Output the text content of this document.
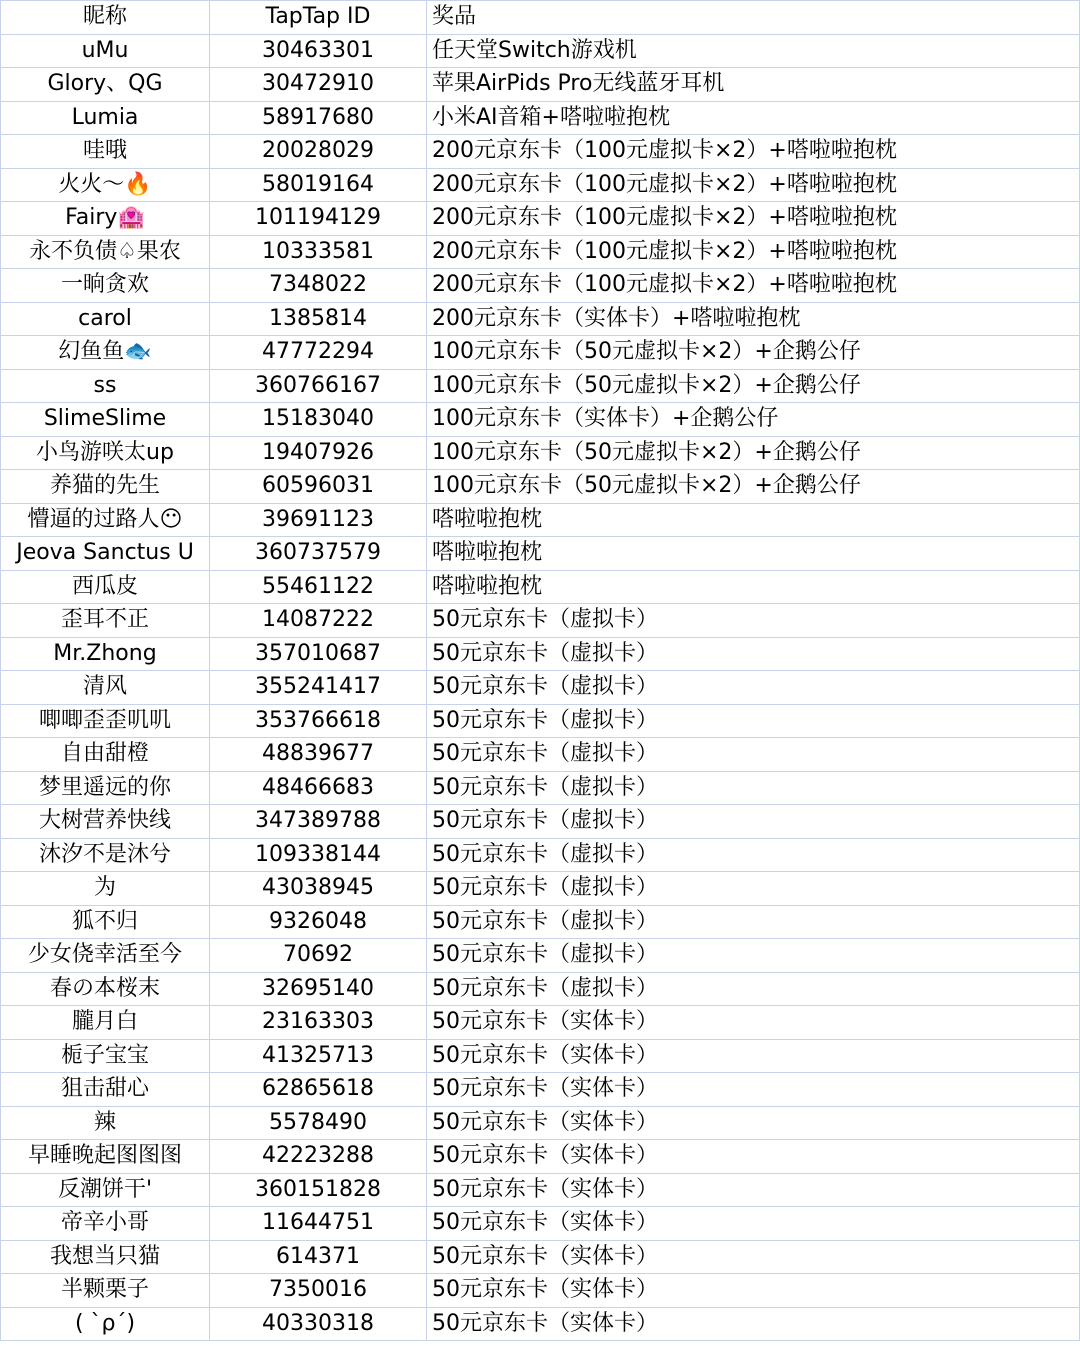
昵称	TapTap ID	奖品
uMu	30463301	任天堂Switch游戏机
Glory、QG	30472910	苹果AirPids Pro无线蓝牙耳机
Lumia	58917680	小米AI音箱+嗒啦啦抱枕
哇哦	20028029	200元京东卡（100元虚拟卡×2）+嗒啦啦抱枕
火火～🔥	58019164	200元京东卡（100元虚拟卡×2）+嗒啦啦抱枕
Fairy🏩	101194129	200元京东卡（100元虚拟卡×2）+嗒啦啦抱枕
永不负债♤果农	10333581	200元京东卡（100元虚拟卡×2）+嗒啦啦抱枕
一晌贪欢	7348022	200元京东卡（100元虚拟卡×2）+嗒啦啦抱枕
carol	1385814	200元京东卡（实体卡）+嗒啦啦抱枕
幻鱼鱼🐟	47772294	100元京东卡（50元虚拟卡×2）+企鹅公仔
ss	360766167	100元京东卡（50元虚拟卡×2）+企鹅公仔
SlimeSlime	15183040	100元京东卡（实体卡）+企鹅公仔
小鸟游咲太up	19407926	100元京东卡（50元虚拟卡×2）+企鹅公仔
养猫的先生	60596031	100元京东卡（50元虚拟卡×2）+企鹅公仔
懵逼的过路人😶	39691123	嗒啦啦抱枕
Jeova Sanctus U	360737579	嗒啦啦抱枕
西瓜皮	55461122	嗒啦啦抱枕
歪耳不正	14087222	50元京东卡（虚拟卡）
Mr.Zhong	357010687	50元京东卡（虚拟卡）
清风	355241417	50元京东卡（虚拟卡）
唧唧歪歪叽叽	353766618	50元京东卡（虚拟卡）
自由甜橙	48839677	50元京东卡（虚拟卡）
梦里遥远的你	48466683	50元京东卡（虚拟卡）
大树营养快线	347389788	50元京东卡（虚拟卡）
沐汐不是沐兮	109338144	50元京东卡（虚拟卡）
为	43038945	50元京东卡（虚拟卡）
狐不归	9326048	50元京东卡（虚拟卡）
少女侥幸活至今	70692	50元京东卡（虚拟卡）
春の本桜末	32695140	50元京东卡（虚拟卡）
朧月白	23163303	50元京东卡（实体卡）
栀子宝宝	41325713	50元京东卡（实体卡）
狙击甜心	62865618	50元京东卡（实体卡）
辣	5578490	50元京东卡（实体卡）
早睡晚起图图图	42223288	50元京东卡（实体卡）
反潮饼干'	360151828	50元京东卡（实体卡）
帝辛小哥	11644751	50元京东卡（实体卡）
我想当只猫	614371	50元京东卡（实体卡）
半颗栗子	7350016	50元京东卡（实体卡）
( ˋρˊ)	40330318	50元京东卡（实体卡）
